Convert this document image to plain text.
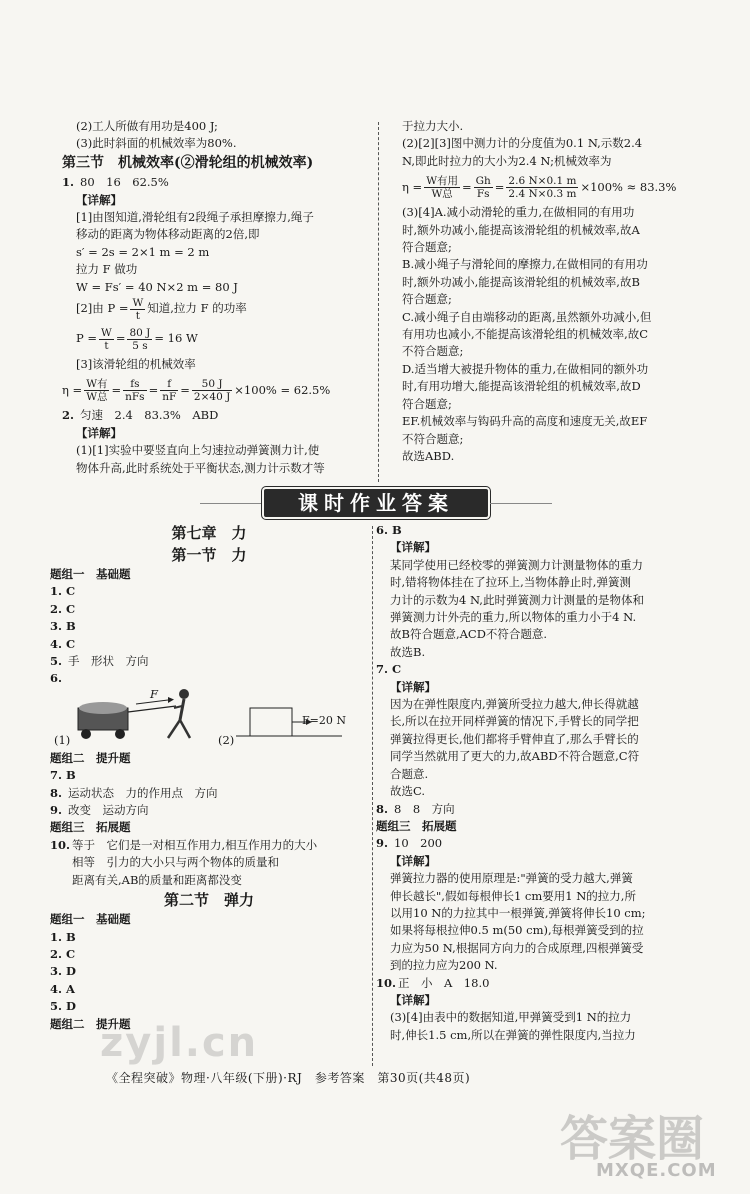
(2)工人所做有用功是400 J;
(3)此时斜面的机械效率为80%.
第三节　机械效率(②滑轮组的机械效率)
1. 80　16　62.5%
【详解】
[1]由图知道,滑轮组有2段绳子承担摩擦力,绳子
移动的距离为物体移动距离的2倍,即
s′ = 2s = 2×1 m = 2 m
拉力 F 做功
W = Fs′ = 40 N×2 m = 80 J
[2]由 $P = \frac{W}{t}$ 知道,拉力 F 的功率
$P = \frac{W}{t} = \frac{80 J}{5 s} = 16$ W
[3]该滑轮组的机械效率
$\eta = \frac{\text{W有}}{\text{W总}} = \frac{fs}{\text{nFs}} = \frac{f}{nF} = \frac{50 J}{2\times 40 J} \times 100\% = 62.5\%$
2. 匀速　2.4　83.3%　ABD
【详解】
(1)[1]实验中要竖直向上匀速拉动弹簧测力计,使
物体升高,此时系统处于平衡状态,测力计示数才等
于拉力大小.
(2)[2][3]图中测力计的分度值为0.1 N,示数2.4
N,即此时拉力的大小为2.4 N;机械效率为
$\eta = \frac{\text{W有用}}{\text{W总}} = \frac{Gh}{Fs} = \frac{2.6 N\times 0.1 m}{2.4 N\times 0.3 m} \times 100\% \approx 83.3\%$
(3)[4]A.减小动滑轮的重力,在做相同的有用功
时,额外功减小,能提高该滑轮组的机械效率,故A
符合题意;
B.减小绳子与滑轮间的摩擦力,在做相同的有用功
时,额外功减小,能提高该滑轮组的机械效率,故B
符合题意;
C.减小绳子自由端移动的距离,虽然额外功减小,但
有用功也减小,不能提高该滑轮组的机械效率,故C
不符合题意;
D.适当增大被提升物体的重力,在做相同的额外功
时,有用功增大,能提高该滑轮组的机械效率,故D
符合题意;
EF.机械效率与钩码升高的高度和速度无关,故EF
不符合题意;
故选ABD.
课时作业答案
第七章　力
第一节　力
题组一　基础题
1. C
2. C
3. B
4. C
5. 手　形状　方向
6.
(1)
F
(2)
F=20 N
题组二　提升题
7. B
8. 运动状态　力的作用点　方向
9. 改变　运动方向
题组三　拓展题
10. 等于　它们是一对相互作用力,相互作用力的大小
相等　引力的大小只与两个物体的质量和
距离有关,AB的质量和距离都没变
第二节　弹力
题组一　基础题
1. B
2. C
3. D
4. A
5. D
题组二　提升题
6. B
【详解】
某同学使用已经校零的弹簧测力计测量物体的重力
时,错将物体挂在了拉环上,当物体静止时,弹簧测
力计的示数为4 N,此时弹簧测力计测量的是物体和
弹簧测力计外壳的重力,所以物体的重力小于4 N.
故B符合题意,ACD不符合题意.
故选B.
7. C
【详解】
因为在弹性限度内,弹簧所受拉力越大,伸长得就越
长,所以在拉开同样弹簧的情况下,手臂长的同学把
弹簧拉得更长,他们都将手臂伸直了,那么手臂长的
同学当然就用了更大的力,故ABD不符合题意,C符
合题意.
故选C.
8. 8　8　方向
题组三　拓展题
9. 10　200
【详解】
弹簧拉力器的使用原理是:"弹簧的受力越大,弹簧
伸长越长",假如每根伸长1 cm要用1 N的拉力,所
以用10 N的力拉其中一根弹簧,弹簧将伸长10 cm;
如果将每根拉伸0.5 m(50 cm),每根弹簧受到的拉
力应为50 N,根据同方向力的合成原理,四根弹簧受
到的拉力应为200 N.
10. 正　小　A　18.0
【详解】
(3)[4]由表中的数据知道,甲弹簧受到1 N的拉力
时,伸长1.5 cm,所以在弹簧的弹性限度内,当拉力
《全程突破》物理·八年级(下册)·RJ　参考答案　第30页(共48页)
zyjl.cn
答案圈
MXQE.COM
